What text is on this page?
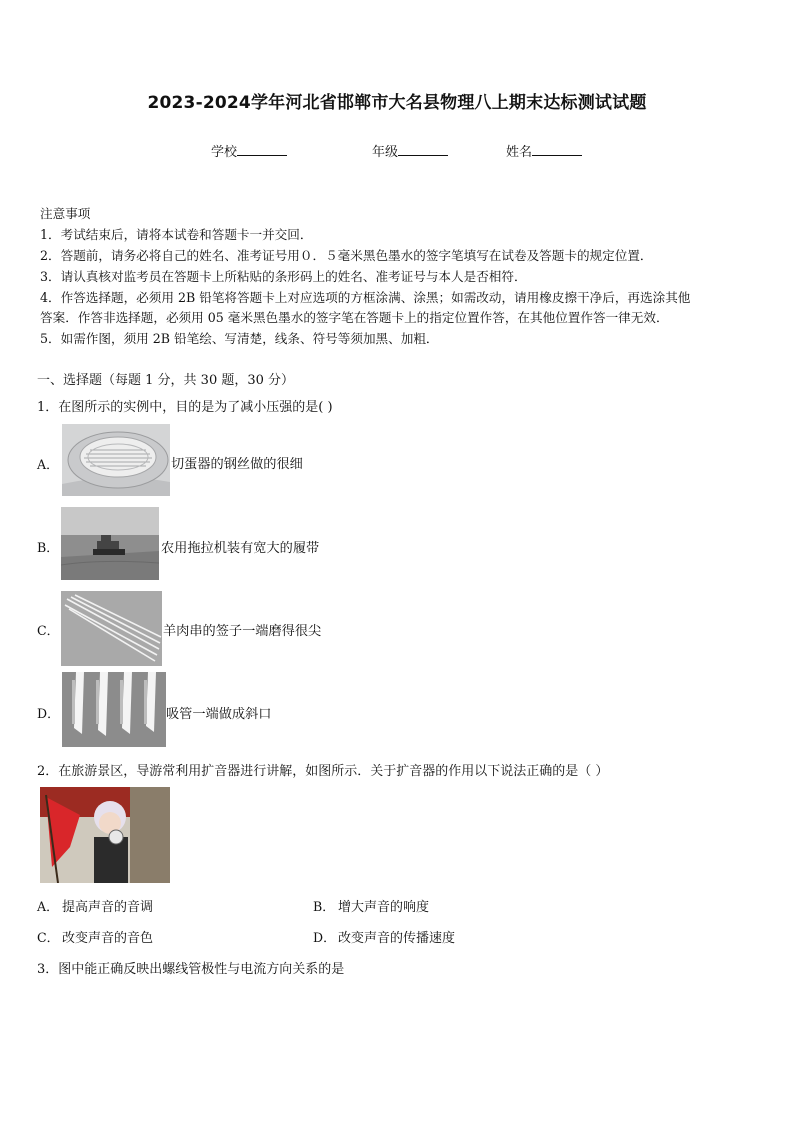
2023-2024学年河北省邯郸市大名县物理八上期末达标测试试题
学校	年级	姓名
注意事项
1．考试结束后，请将本试卷和答题卡一并交回．
2．答题前，请务必将自己的姓名、准考证号用０．５毫米黑色墨水的签字笔填写在试卷及答题卡的规定位置．
3．请认真核对监考员在答题卡上所粘贴的条形码上的姓名、准考证号与本人是否相符．
4．作答选择题，必须用 2B 铅笔将答题卡上对应选项的方框涂满、涂黑；如需改动，请用橡皮擦干净后，再选涂其他
答案．作答非选择题，必须用 05 毫米黑色墨水的签字笔在答题卡上的指定位置作答，在其他位置作答一律无效．
5．如需作图，须用 2B 铅笔绘、写清楚，线条、符号等须加黑、加粗．
一、选择题（每题 1 分，共 30 题，30 分）
1．在图所示的实例中，目的是为了减小压强的是( )
A．	切蛋器的钢丝做的很细
B．	农用拖拉机装有宽大的履带
C．	羊肉串的签子一端磨得很尖
D．	吸管一端做成斜口
2．在旅游景区，导游常利用扩音器进行讲解，如图所示．关于扩音器的作用以下说法正确的是（ ）
A． 提高声音的音调	B． 增大声音的响度
C． 改变声音的音色	D． 改变声音的传播速度
3．图中能正确反映出螺线管极性与电流方向关系的是
